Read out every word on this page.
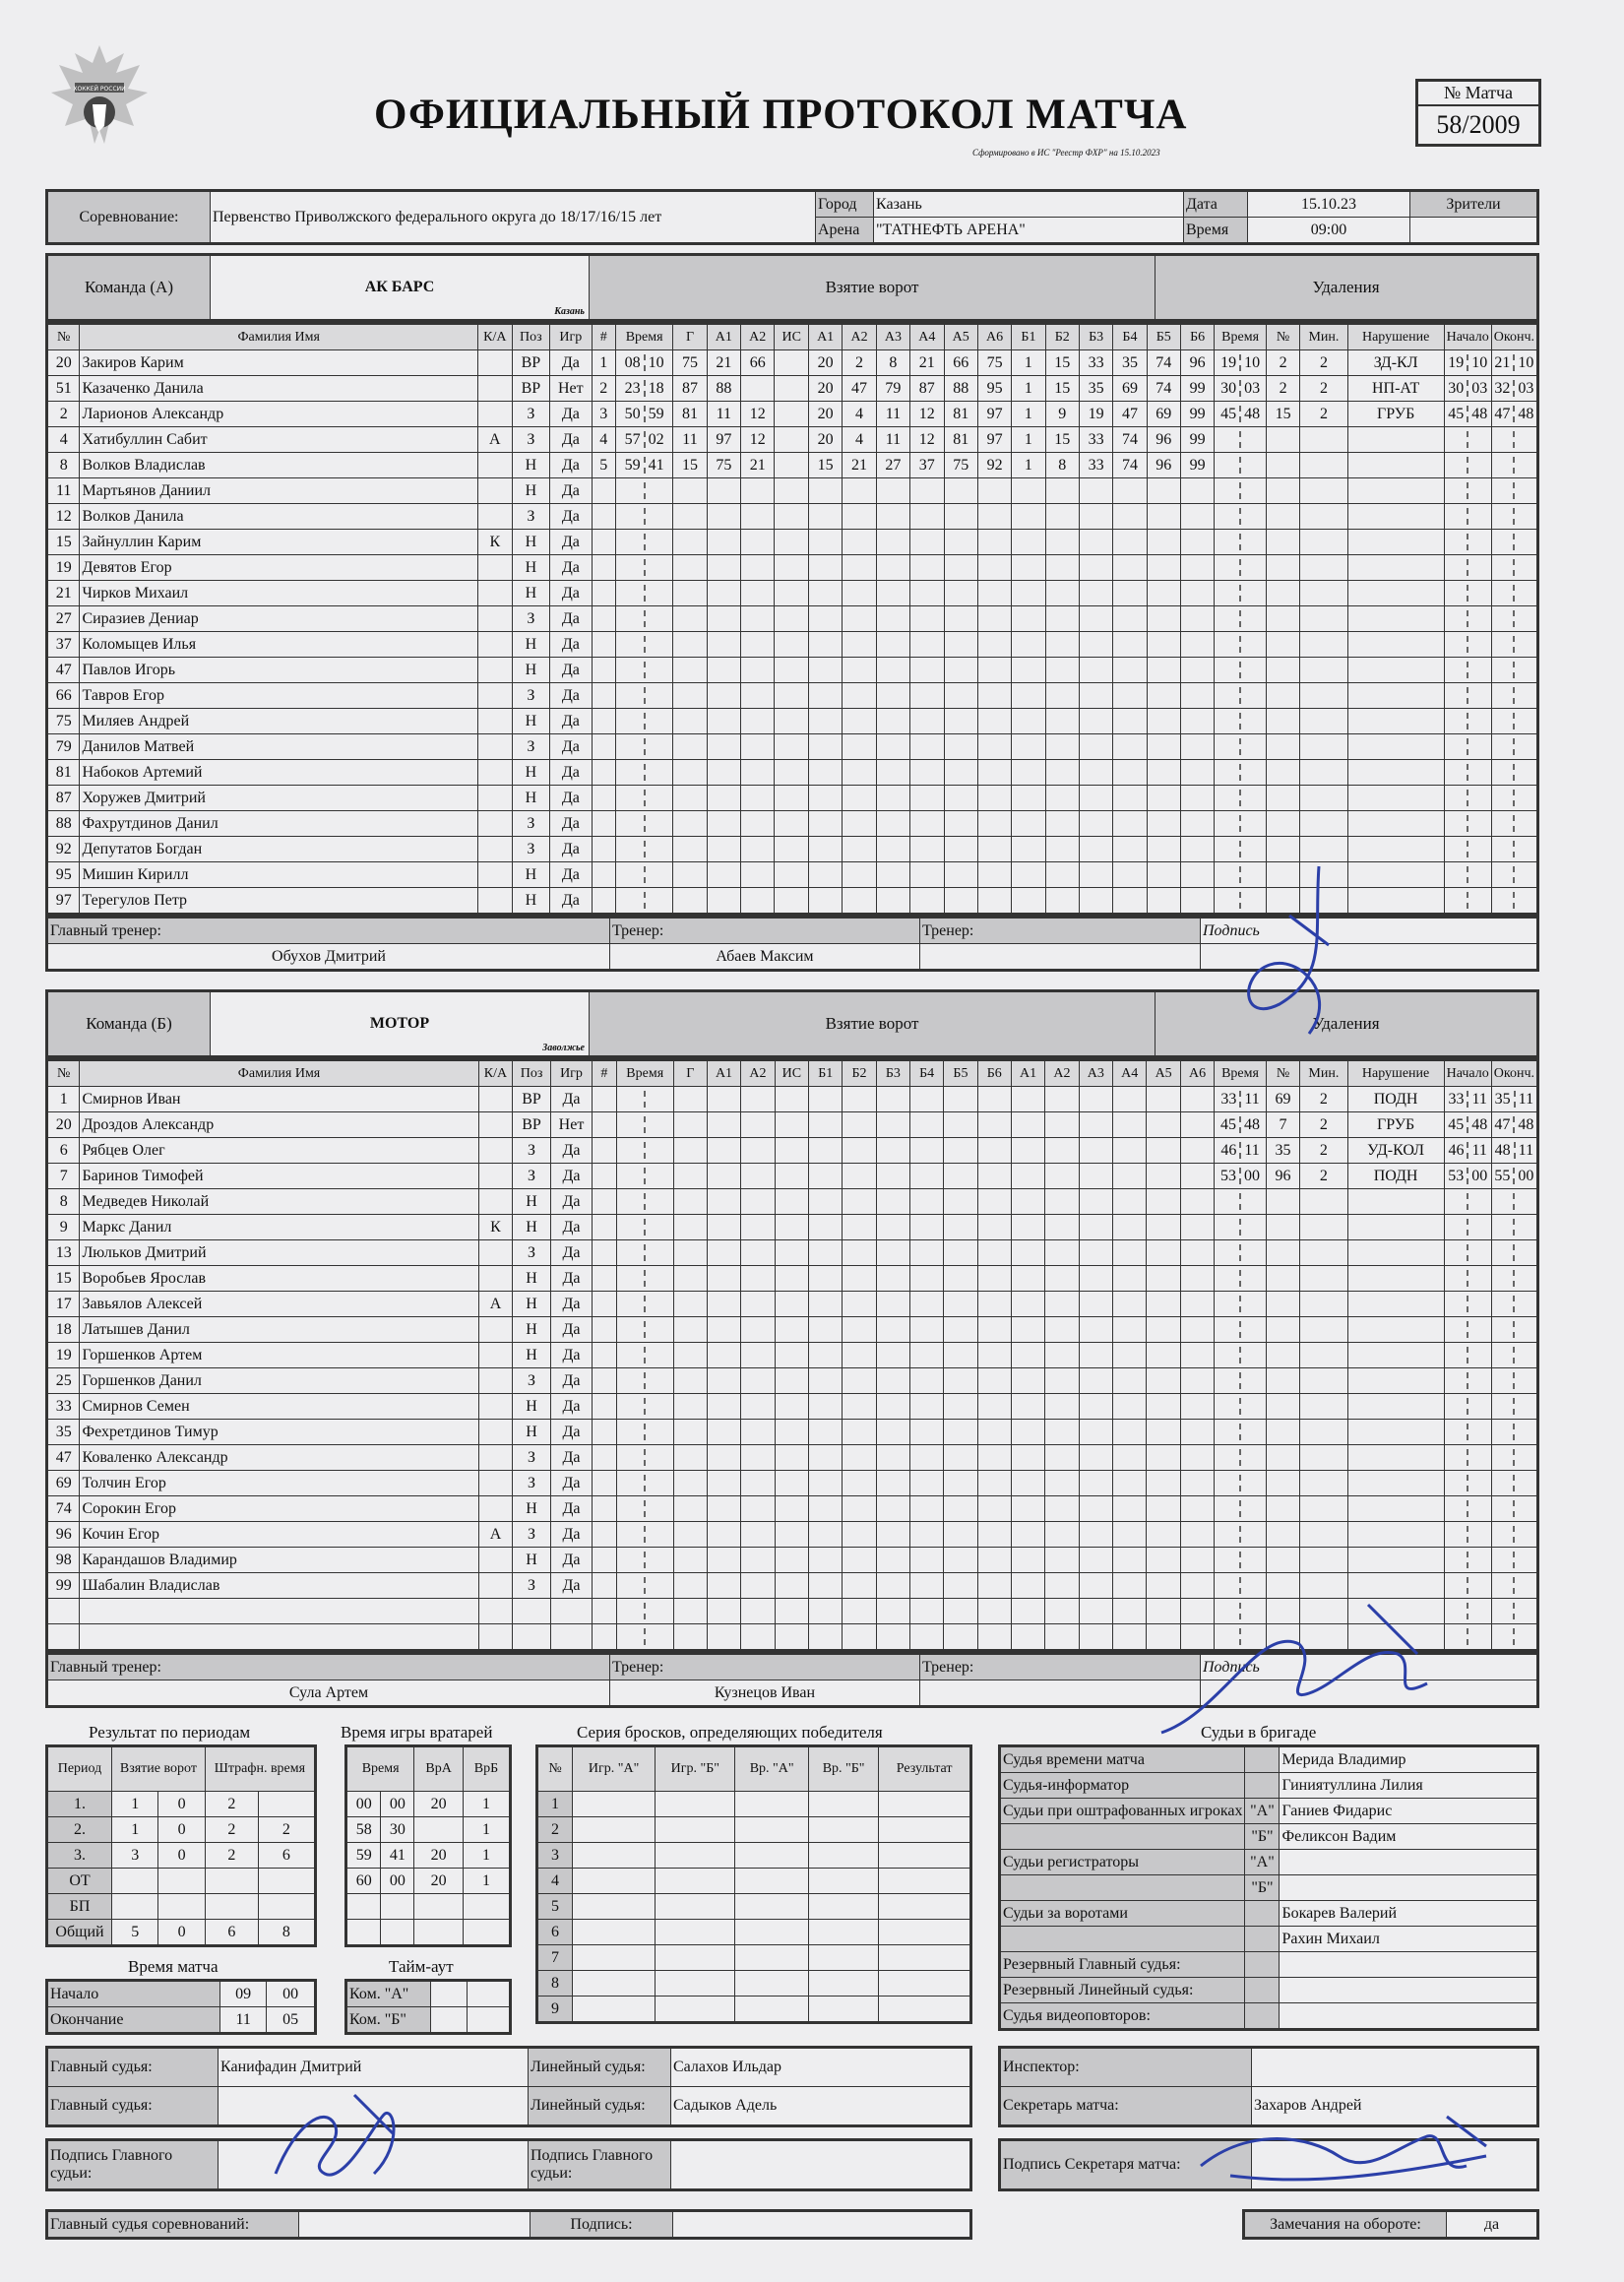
ХОККЕЙ РОССИИ
ОФИЦИАЛЬНЫЙ ПРОТОКОЛ МАТЧА
Сформировано в ИС "Реестр ФХР" на 15.10.2023
№ Матча
58/2009
Соревнование:	Первенство Приволжского федерального округа до 18/17/16/15 лет	Город	Казань	Дата	15.10.23	Зрители
		Арена	"ТАТНЕФТЬ АРЕНА"	Время	09:00	
Команда (А)	АК БАРС
Казань
	Взятие ворот	Удаления
№	Фамилия Имя	К/А	Поз	Игр	#	Время	Г	А1	А2	ИС	А1	А2	А3	А4	А5	А6	Б1	Б2	Б3	Б4	Б5	Б6	Время	№	Мин.	Нарушение	Начало	Оконч.
20	Закиров Карим		ВР	Да	1	08 10	75	21	66		20	2	8	21	66	75	1	15	33	35	74	96	19 10	2	2	ЗД-КЛ	19 10	21 10
51	Казаченко Данила		ВР	Нет	2	23 18	87	88			20	47	79	87	88	95	1	15	35	69	74	99	30 03	2	2	НП-АТ	30 03	32 03
2	Ларионов Александр		З	Да	3	50 59	81	11	12		20	4	11	12	81	97	1	9	19	47	69	99	45 48	15	2	ГРУБ	45 48	47 48
4	Хатибуллин Сабит	А	З	Да	4	57 02	11	97	12		20	4	11	12	81	97	1	15	33	74	96	99						
8	Волков Владислав		Н	Да	5	59 41	15	75	21		15	21	27	37	75	92	1	8	33	74	96	99						
11	Мартьянов Даниил		Н	Да																								
12	Волков Данила		З	Да																								
15	Зайнуллин Карим	К	Н	Да																								
19	Девятов Егор		Н	Да																								
21	Чирков Михаил		Н	Да																								
27	Сиразиев Дениар		З	Да																								
37	Коломыцев Илья		Н	Да																								
47	Павлов Игорь		Н	Да																								
66	Тавров Егор		З	Да																								
75	Миляев Андрей		Н	Да																								
79	Данилов Матвей		З	Да																								
81	Набоков Артемий		Н	Да																								
87	Хоружев Дмитрий		Н	Да																								
88	Фахрутдинов Данил		З	Да																								
92	Депутатов Богдан		З	Да																								
95	Мишин Кирилл		Н	Да																								
97	Терегулов Петр		Н	Да																								
Главный тренер:	Тренер:	Тренер:	Подпись
Обухов Дмитрий	Абаев Максим		
Команда (Б)	МОТОР
Заволжье
	Взятие ворот	Удаления
№	Фамилия Имя	К/А	Поз	Игр	#	Время	Г	А1	А2	ИС	Б1	Б2	Б3	Б4	Б5	Б6	А1	А2	А3	А4	А5	А6	Время	№	Мин.	Нарушение	Начало	Оконч.
1	Смирнов Иван		ВР	Да																			33 11	69	2	ПОДН	33 11	35 11
20	Дроздов Александр		ВР	Нет																			45 48	7	2	ГРУБ	45 48	47 48
6	Рябцев Олег		З	Да																			46 11	35	2	УД-КОЛ	46 11	48 11
7	Баринов Тимофей		З	Да																			53 00	96	2	ПОДН	53 00	55 00
8	Медведев Николай		Н	Да																								
9	Маркс Данил	К	Н	Да																								
13	Люльков Дмитрий		З	Да																								
15	Воробьев Ярослав		Н	Да																								
17	Завьялов Алексей	А	Н	Да																								
18	Латышев Данил		Н	Да																								
19	Горшенков Артем		Н	Да																								
25	Горшенков Данил		З	Да																								
33	Смирнов Семен		Н	Да																								
35	Фехретдинов Тимур		Н	Да																								
47	Коваленко Александр		З	Да																								
69	Толчин Егор		З	Да																								
74	Сорокин Егор		Н	Да																								
96	Кочин Егор	А	З	Да																								
98	Карандашов Владимир		Н	Да																								
99	Шабалин Владислав		З	Да																								

Главный тренер:	Тренер:	Тренер:	Подпись
Сула Артем	Кузнецов Иван		
Результат по периодам
Период	Взятие ворот		Штрафн. время	
1.	1	0	2	
2.	1	0	2	2
3.	3	0	2	6
ОТ				
БП				
Общий	5	0	6	8
Время игры вратарей
Время		ВрА	ВрБ
00	00	20	1
58	30		1
59	41	20	1
60	00	20	1

Время матча
Начало	09	00
Окончание	11	05
Тайм-аут
Ком. "А"		
Ком. "Б"		
Серия бросков, определяющих победителя
№	Игр. "А"	Игр. "Б"	Вр. "А"	Вр. "Б"	Результат
1					
2					
3					
4					
5					
6					
7					
8					
9					
Судьи в бригаде
Судья времени матча		Мерида Владимир
Судья-информатор		Гиниятуллина Лилия
Судьи при оштрафованных игроках	"А"	Ганиев Фидарис
	"Б"	Феликсон Вадим
Судьи регистраторы	"А"	
	"Б"	
Судьи за воротами		Бокарев Валерий
		Рахин Михаил
Резервный Главный судья:		
Резервный Линейный судья:		
Судья видеоповторов:		
Главный судья:	Канифадин Дмитрий	Линейный судья:	Салахов Ильдар
Главный судья:		Линейный судья:	Садыков Адель
Инспектор:	
Секретарь матча:	Захаров Андрей
Подпись Главного судьи:		Подпись Главного судьи:	
Подпись Секретаря матча:	
Главный судья соревнований:		Подпись:		Замечания на обороте:	да
